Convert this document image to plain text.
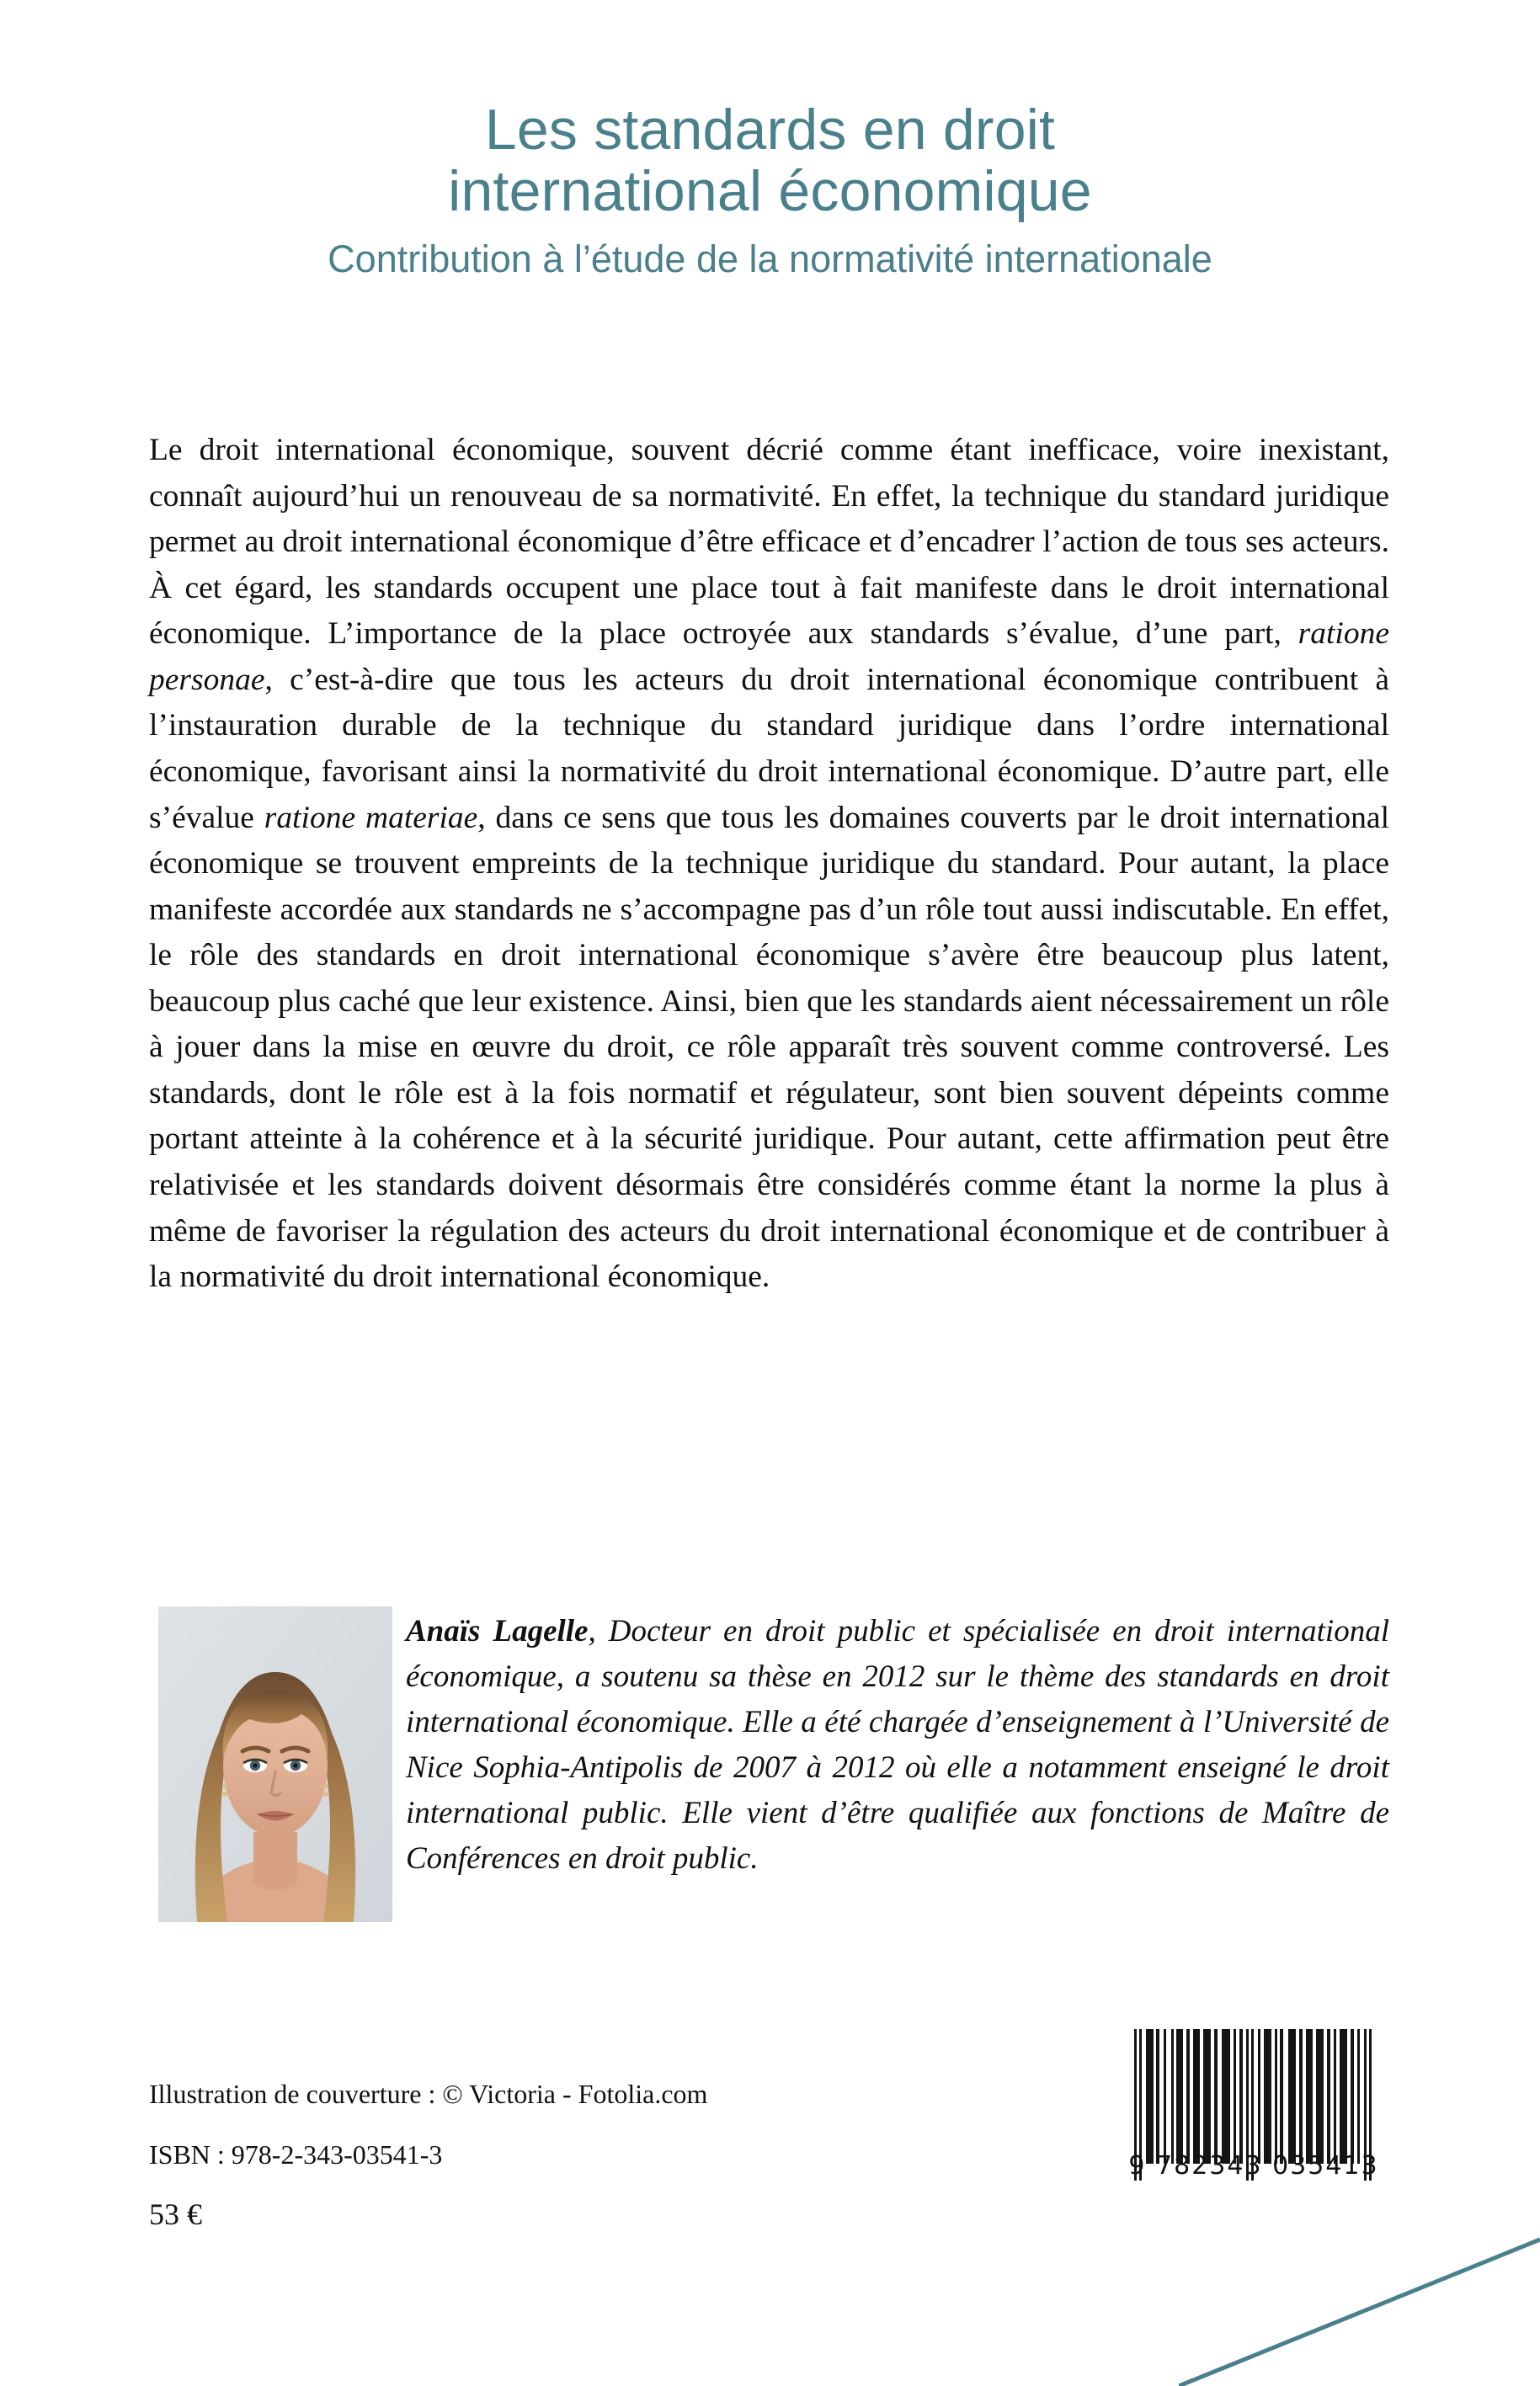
Les standards en droit
international économique
Contribution à l’étude de la normativité internationale
Le droit international économique, souvent décrié comme étant inefficace, voire inexistant, connaît aujourd’hui un renouveau de sa normativité. En effet, la technique du standard juridique permet au droit international économique d’être efficace et d’encadrer l’action de tous ses acteurs. À cet égard, les standards occupent une place tout à fait manifeste dans le droit international économique. L’importance de la place octroyée aux standards s’évalue, d’une part, ratione personae, c’est-à-dire que tous les acteurs du droit international économique contribuent à l’instauration durable de la technique du standard juridique dans l’ordre international économique, favorisant ainsi la normativité du droit international économique. D’autre part, elle s’évalue ratione materiae, dans ce sens que tous les domaines couverts par le droit international économique se trouvent empreints de la technique juridique du standard. Pour autant, la place manifeste accordée aux standards ne s’accompagne pas d’un rôle tout aussi indiscutable. En effet, le rôle des standards en droit international économique s’avère être beaucoup plus latent, beaucoup plus caché que leur existence. Ainsi, bien que les standards aient nécessairement un rôle à jouer dans la mise en œuvre du droit, ce rôle apparaît très souvent comme controversé. Les standards, dont le rôle est à la fois normatif et régulateur, sont bien souvent dépeints comme portant atteinte à la cohérence et à la sécurité juridique. Pour autant, cette affirmation peut être relativisée et les standards doivent désormais être considérés comme étant la norme la plus à même de favoriser la régulation des acteurs du droit international économique et de contribuer à la normativité du droit international économique.
Anaïs Lagelle, Docteur en droit public et spécialisée en droit international économique, a soutenu sa thèse en 2012 sur le thème des standards en droit international économique. Elle a été chargée d’enseignement à l’Université de Nice Sophia-Antipolis de 2007 à 2012 où elle a notamment enseigné le droit international public. Elle vient d’être qualifiée aux fonctions de Maître de Conférences en droit public.
Illustration de couverture : © Victoria - Fotolia.com
ISBN : 978-2-343-03541-3
53 €
9 782343 035413
